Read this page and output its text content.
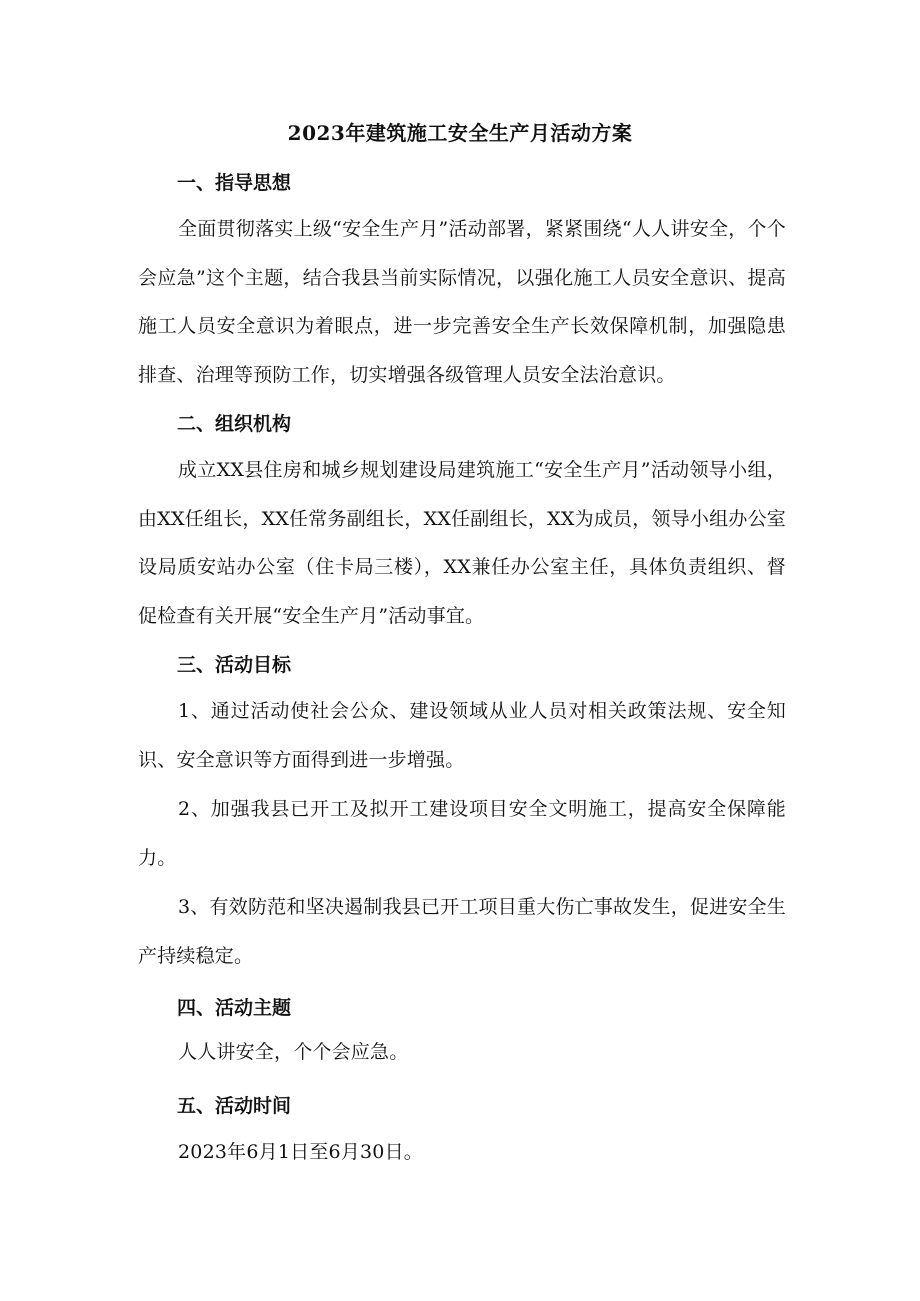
2023年建筑施工安全生产月活动方案
一、指导思想
全面贯彻落实上级“安全生产月”活动部署，紧紧围绕“人人讲安全，个个会应急”这个主题，结合我县当前实际情况，以强化施工人员安全意识、提高施工人员安全意识为着眼点，进一步完善安全生产长效保障机制，加强隐患排查、治理等预防工作，切实增强各级管理人员安全法治意识。
二、组织机构
成立XX县住房和城乡规划建设局建筑施工“安全生产月”活动领导小组，由XX任组长，XX任常务副组长，XX任副组长，XX为成员，领导小组办公室设局质安站办公室（住卡局三楼），XX兼任办公室主任，具体负责组织、督促检查有关开展“安全生产月”活动事宜。
三、活动目标
1、通过活动使社会公众、建设领域从业人员对相关政策法规、安全知识、安全意识等方面得到进一步增强。
2、加强我县已开工及拟开工建设项目安全文明施工，提高安全保障能力。
3、有效防范和坚决遏制我县已开工项目重大伤亡事故发生，促进安全生产持续稳定。
四、活动主题
人人讲安全，个个会应急。
五、活动时间
2023年6月1日至6月30日。
